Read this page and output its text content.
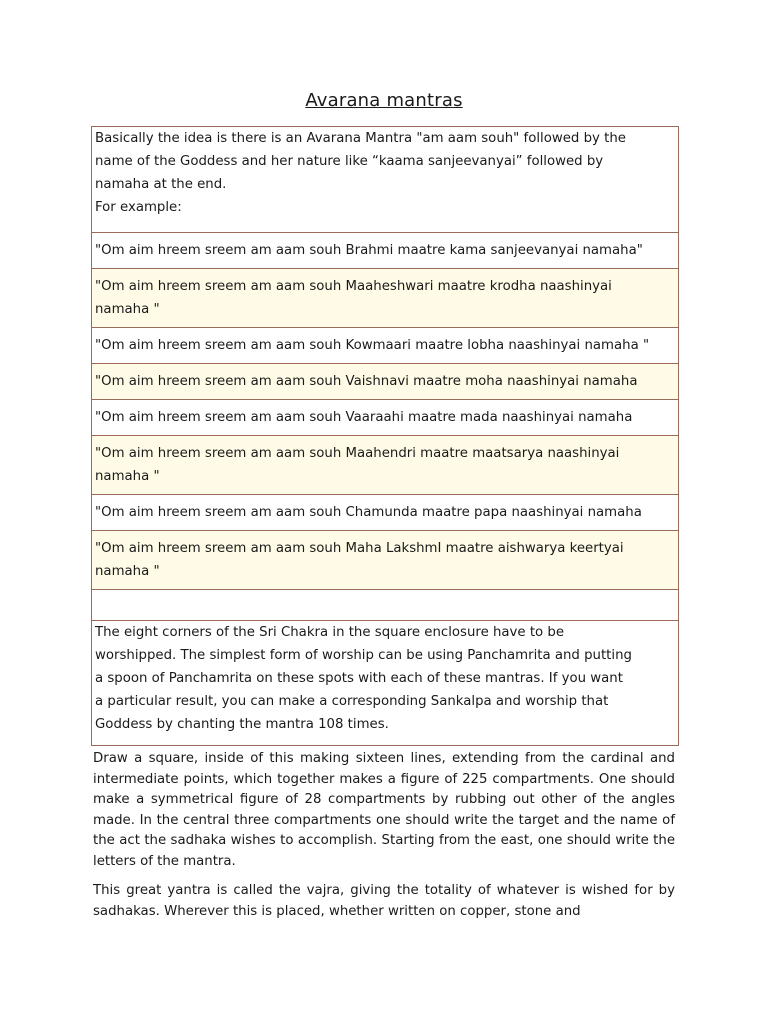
Avarana mantras
Basically the idea is there is an Avarana Mantra "am aam souh" followed by the
name of the Goddess and her nature like “kaama sanjeevanyai” followed by
namaha at the end.
For example:
"Om aim hreem sreem am aam souh Brahmi maatre kama sanjeevanyai namaha"
"Om aim hreem sreem am aam souh Maaheshwari maatre krodha naashinyai
namaha "
"Om aim hreem sreem am aam souh Kowmaari maatre lobha naashinyai namaha "
"Om aim hreem sreem am aam souh Vaishnavi maatre moha naashinyai namaha
"Om aim hreem sreem am aam souh Vaaraahi maatre mada naashinyai namaha
"Om aim hreem sreem am aam souh Maahendri maatre maatsarya naashinyai
namaha "
"Om aim hreem sreem am aam souh Chamunda maatre papa naashinyai namaha
"Om aim hreem sreem am aam souh Maha LakshmI maatre aishwarya keertyai
namaha "
The eight corners of the Sri Chakra in the square enclosure have to be
worshipped. The simplest form of worship can be using Panchamrita and putting
a spoon of Panchamrita on these spots with each of these mantras. If you want
a particular result, you can make a corresponding Sankalpa and worship that
Goddess by chanting the mantra 108 times.

Draw a square, inside of this making sixteen lines, extending from the cardinal and intermediate points, which together makes a figure of 225 compartments. One should make a symmetrical figure of 28 compartments by rubbing out other of the angles made. In the central three compartments one should write the target and the name of the act the sadhaka wishes to accomplish. Starting from the east, one should write the letters of the mantra.

This great yantra is called the vajra, giving the totality of whatever is wished for by sadhakas. Wherever this is placed, whether written on copper, stone and
